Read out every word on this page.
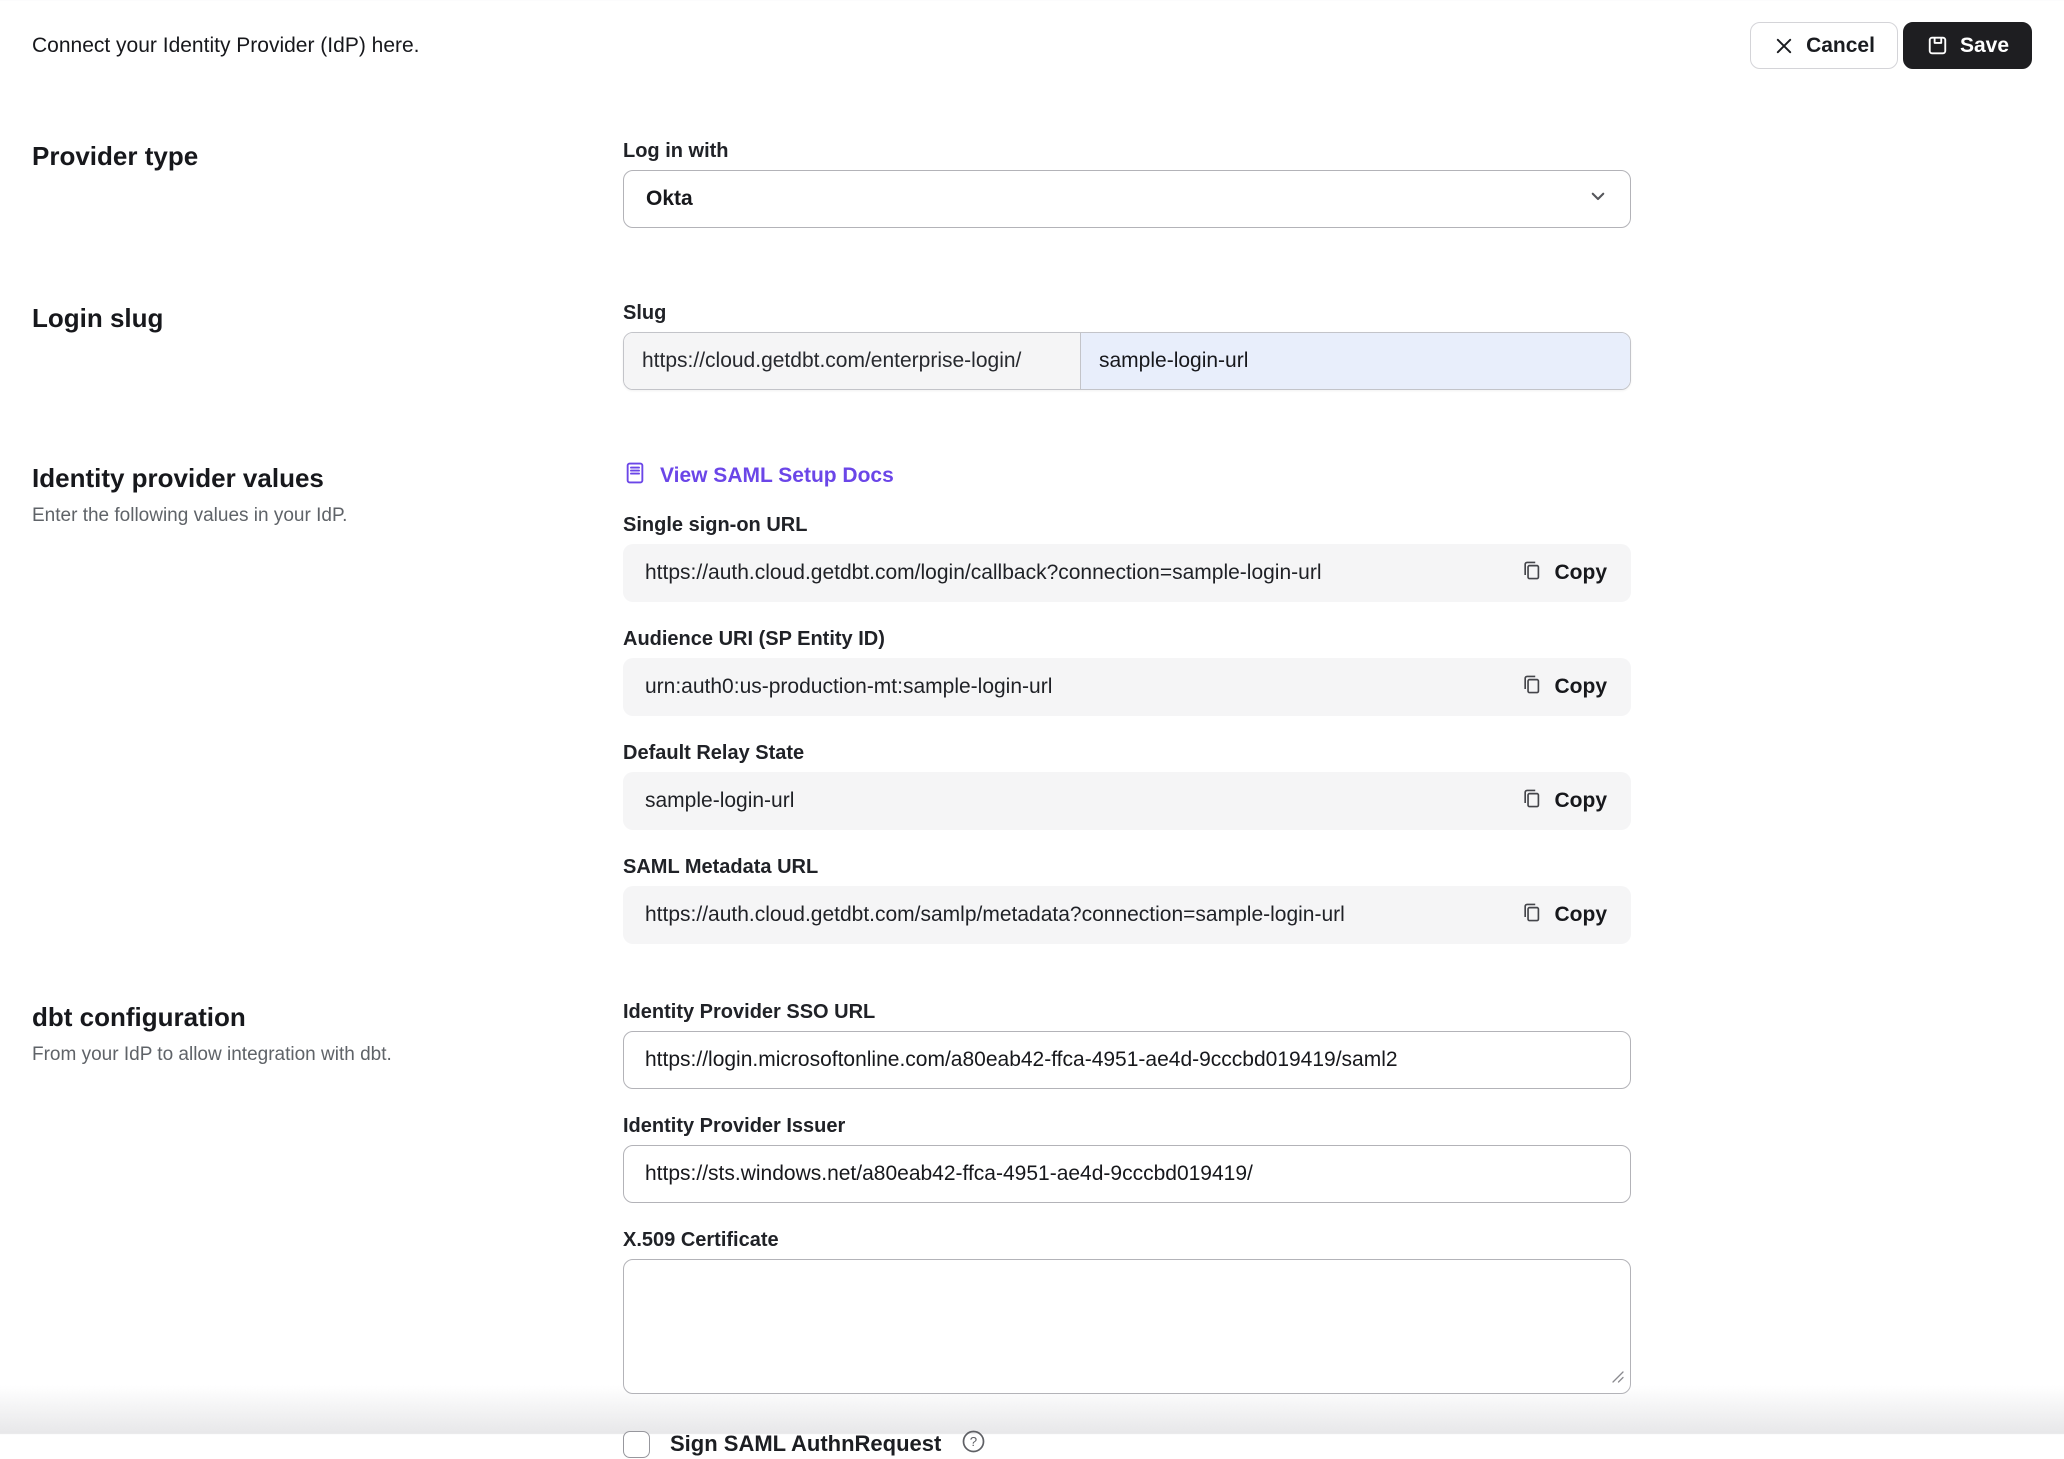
Connect your Identity Provider (IdP) here.	Cancel	Save
Provider type	Log in with
Okta
Login slug	Slug
https://cloud.getdbt.com/enterprise-login/
sample-login-url
Identity provider values
Enter the following values in your IdP.
View SAML Setup Docs
Single sign-on URL
https://auth.cloud.getdbt.com/login/callback?connection=sample-login-url	Copy
Audience URI (SP Entity ID)
urn:auth0:us-production-mt:sample-login-url	Copy
Default Relay State
sample-login-url	Copy
SAML Metadata URL
https://auth.cloud.getdbt.com/samlp/metadata?connection=sample-login-url	Copy
dbt configuration
From your IdP to allow integration with dbt.
Identity Provider SSO URL
https://login.microsoftonline.com/a80eab42-ffca-4951-ae4d-9cccbd019419/saml2
Identity Provider Issuer
https://sts.windows.net/a80eab42-ffca-4951-ae4d-9cccbd019419/
X.509 Certificate
Sign SAML AuthnRequest	?
